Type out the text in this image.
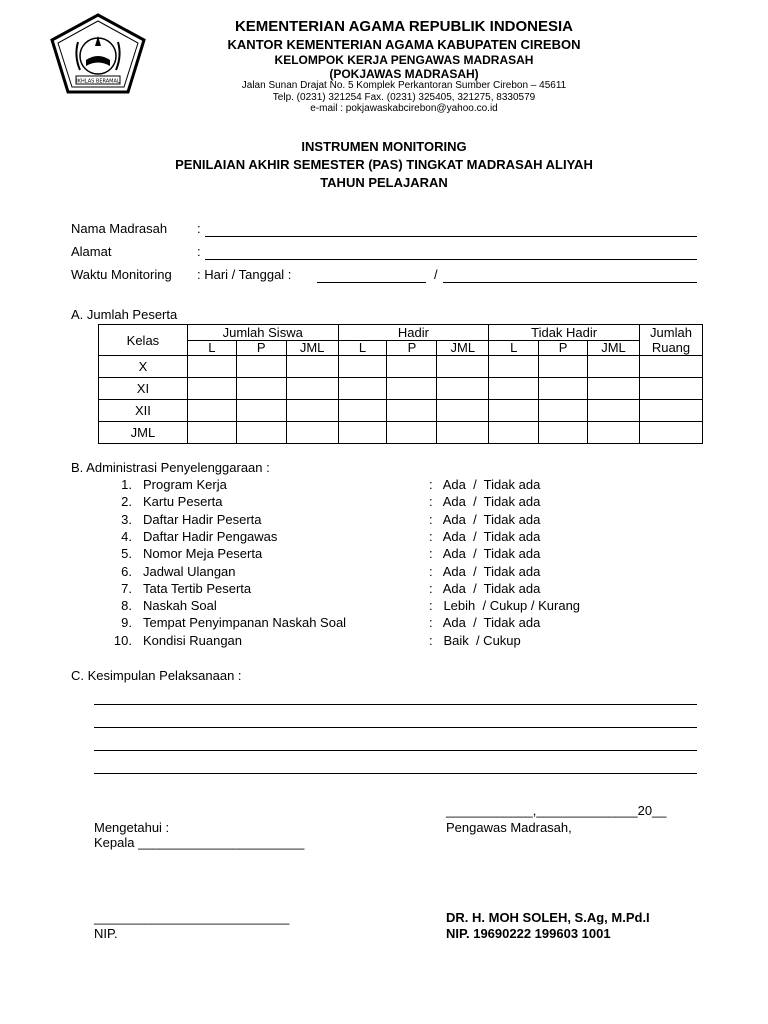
IKHLAS BERAMAL
KEMENTERIAN AGAMA REPUBLIK INDONESIA
KANTOR KEMENTERIAN AGAMA KABUPATEN CIREBON
KELOMPOK KERJA PENGAWAS MADRASAH
(POKJAWAS MADRASAH)
Jalan Sunan Drajat No. 5 Komplek Perkantoran Sumber Cirebon – 45611
Telp. (0231) 321254 Fax. (0231) 325405, 321275, 8330579
e-mail : pokjawaskabcirebon@yahoo.co.id
INSTRUMEN MONITORING
PENILAIAN AKHIR SEMESTER (PAS) TINGKAT MADRASAH ALIYAH
TAHUN PELAJARAN
Nama Madrasah :
Alamat	:
Waktu Monitoring : Hari / Tanggal :	/
A. Jumlah Peserta
Kelas	Jumlah Siswa			Hadir			Tidak Hadir			Jumlah
Ruang

	L	P	JML	L	P	JML	L	P	JML	
X										
XI										
XII										
JML										
B. Administrasi Penyelenggaraan :
1. Program Kerja	:   Ada  /  Tidak ada
2. Kartu Peserta	:   Ada  /  Tidak ada
3. Daftar Hadir Peserta	:   Ada  /  Tidak ada
4. Daftar Hadir Pengawas	:   Ada  /  Tidak ada
5. Nomor Meja Peserta	:   Ada  /  Tidak ada
6. Jadwal Ulangan	:   Ada  /  Tidak ada
7. Tata Tertib Peserta	:   Ada  /  Tidak ada
8. Naskah Soal	:   Lebih  / Cukup / Kurang
9. Tempat Penyimpanan Naskah Soal	:   Ada  /  Tidak ada
10. Kondisi Ruangan	:   Baik  / Cukup
C. Kesimpulan Pelaksanaan :
____________,______________20__
Mengetahui :	Pengawas Madrasah,
Kepala _______________________
___________________________
NIP.
DR. H. MOH SOLEH, S.Ag, M.Pd.I
NIP. 19690222 199603 1001
